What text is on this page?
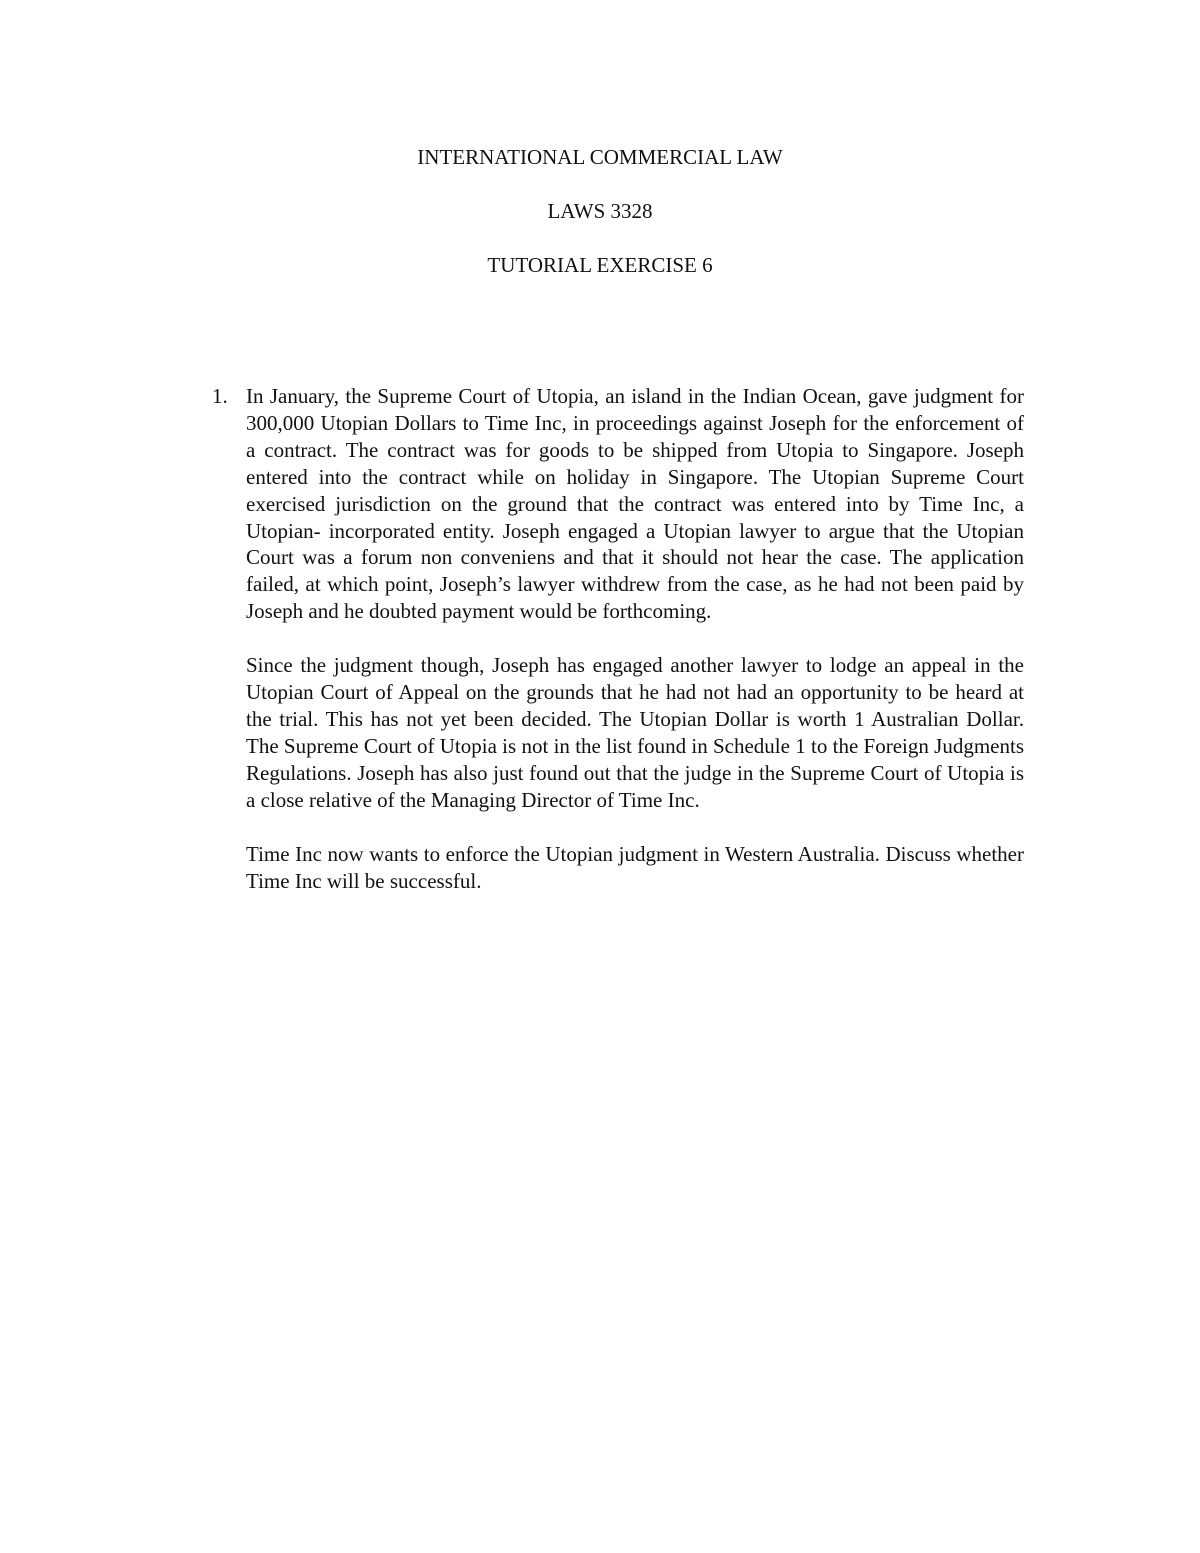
INTERNATIONAL COMMERCIAL LAW

LAWS 3328

TUTORIAL EXERCISE 6

1. In January, the Supreme Court of Utopia, an island in the Indian Ocean, gave judgment for 300,000 Utopian Dollars to Time Inc, in proceedings against Joseph for the enforcement of a contract. The contract was for goods to be shipped from Utopia to Singapore. Joseph entered into the contract while on holiday in Singapore. The Utopian Supreme Court exercised jurisdiction on the ground that the contract was entered into by Time Inc, a Utopian- incorporated entity. Joseph engaged a Utopian lawyer to argue that the Utopian Court was a forum non conveniens and that it should not hear the case. The application failed, at which point, Joseph’s lawyer withdrew from the case, as he had not been paid by Joseph and he doubted payment would be forthcoming.

Since the judgment though, Joseph has engaged another lawyer to lodge an appeal in the Utopian Court of Appeal on the grounds that he had not had an opportunity to be heard at the trial. This has not yet been decided. The Utopian Dollar is worth 1 Australian Dollar. The Supreme Court of Utopia is not in the list found in Schedule 1 to the Foreign Judgments Regulations. Joseph has also just found out that the judge in the Supreme Court of Utopia is a close relative of the Managing Director of Time Inc.

Time Inc now wants to enforce the Utopian judgment in Western Australia. Discuss whether Time Inc will be successful.
